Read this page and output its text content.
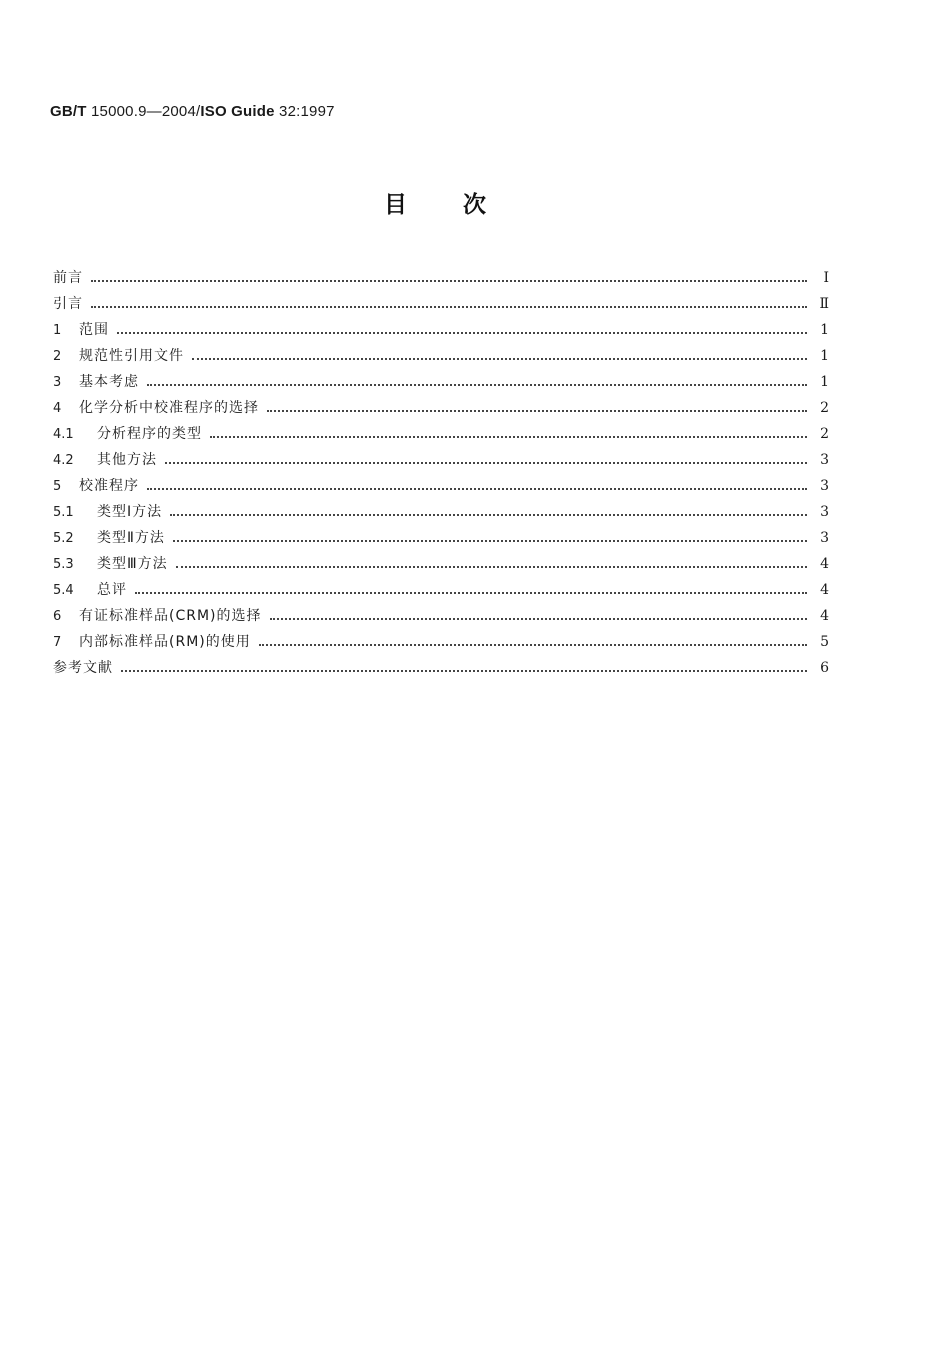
GB/T 15000.9—2004/ISO Guide 32:1997
目次
前言	Ⅰ
引言	Ⅱ
1	范围	1
2	规范性引用文件	1
3	基本考虑	1
4	化学分析中校准程序的选择	2
4.1	分析程序的类型	2
4.2	其他方法	3
5	校准程序	3
5.1	类型Ⅰ方法	3
5.2	类型Ⅱ方法	3
5.3	类型Ⅲ方法	4
5.4	总评	4
6	有证标准样品(CRM)的选择	4
7	内部标准样品(RM)的使用	5
参考文献	6
